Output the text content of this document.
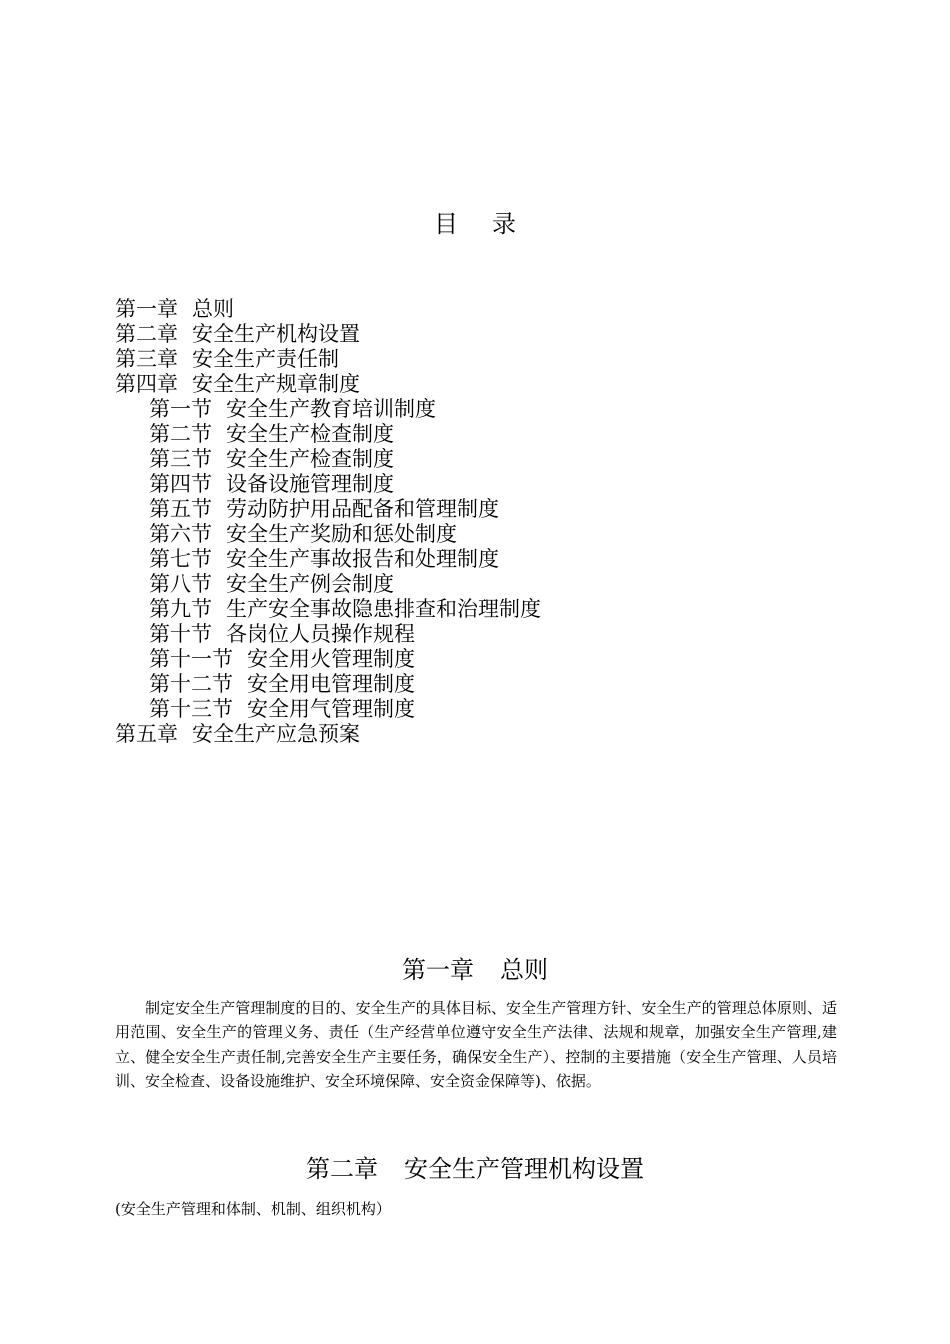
目录
第一章 总则
第二章 安全生产机构设置
第三章 安全生产责任制
第四章 安全生产规章制度
第一节 安全生产教育培训制度
第二节 安全生产检查制度
第三节 安全生产检查制度
第四节 设备设施管理制度
第五节 劳动防护用品配备和管理制度
第六节 安全生产奖励和惩处制度
第七节 安全生产事故报告和处理制度
第八节 安全生产例会制度
第九节 生产安全事故隐患排查和治理制度
第十节 各岗位人员操作规程
第十一节 安全用火管理制度
第十二节 安全用电管理制度
第十三节 安全用气管理制度
第五章 安全生产应急预案
第一章 总则

制定安全生产管理制度的目的、安全生产的具体目标、安全生产管理方针、安全生产的管理总体原则、适用范围、安全生产的管理义务、责任（生产经营单位遵守安全生产法律、法规和规章，加强安全生产管理,建立、健全安全生产责任制,完善安全生产主要任务，确保安全生产）、控制的主要措施（安全生产管理、人员培训、安全检查、设备设施维护、安全环境保障、安全资金保障等)、依据。

第二章 安全生产管理机构设置

(安全生产管理和体制、机制、组织机构）
